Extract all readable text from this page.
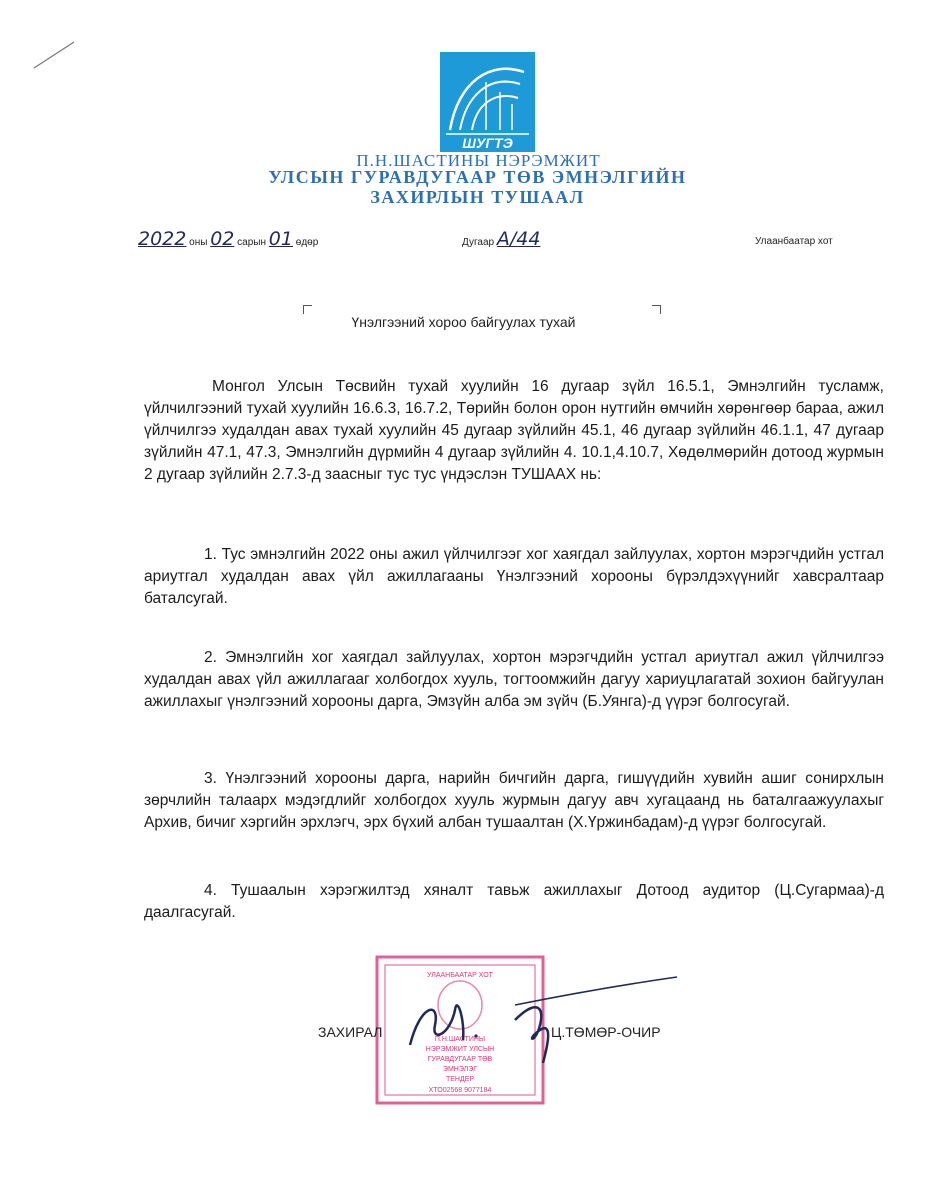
ШУГТЭ
П.Н.ШАСТИНЫ НЭРЭМЖИТ
УЛСЫН ГУРАВДУГААР ТӨВ ЭМНЭЛГИЙН
ЗАХИРЛЫН ТУШААЛ
2022 оны 02 сарын 01 өдөр	Дугаар А/44	Улаанбаатар хот
Үнэлгээний хороо байгуулах тухай
Монгол Улсын Төсвийн тухай хуулийн 16 дугаар зүйл 16.5.1, Эмнэлгийн тусламж, үйлчилгээний тухай хуулийн 16.6.3, 16.7.2, Төрийн болон орон нутгийн өмчийн хөрөнгөөр бараа, ажил үйлчилгээ худалдан авах тухай хуулийн 45 дугаар зүйлийн 45.1, 46 дугаар зүйлийн 46.1.1, 47 дугаар зүйлийн 47.1, 47.3, Эмнэлгийн дүрмийн 4 дугаар зүйлийн 4. 10.1,4.10.7, Хөдөлмөрийн дотоод журмын 2 дугаар зүйлийн 2.7.3-д заасныг тус тус үндэслэн ТУШААХ нь:
1. Тус эмнэлгийн 2022 оны ажил үйлчилгээг хог хаягдал зайлуулах, хортон мэрэгчдийн устгал ариутгал худалдан авах үйл ажиллагааны Үнэлгээний хорооны бүрэлдэхүүнийг хавсралтаар баталсугай.
2. Эмнэлгийн хог хаягдал зайлуулах, хортон мэрэгчдийн устгал ариутгал ажил үйлчилгээ худалдан авах үйл ажиллагааг холбогдох хууль, тогтоомжийн дагуу хариуцлагатай зохион байгуулан ажиллахыг үнэлгээний хорооны дарга, Эмзүйн алба эм зүйч (Б.Уянга)-д үүрэг болгосугай.
3. Үнэлгээний хорооны дарга, нарийн бичгийн дарга, гишүүдийн хувийн ашиг сонирхлын зөрчлийн талаарх мэдэгдлийг холбогдох хууль журмын дагуу авч хугацаанд нь баталгаажуулахыг Архив, бичиг хэргийн эрхлэгч, эрх бүхий албан тушаалтан (Х.Үржинбадам)-д үүрэг болгосугай.
4. Тушаалын хэрэгжилтэд хяналт тавьж ажиллахыг Дотоод аудитор (Ц.Сугармаа)-д даалгасугай.
УЛААНБААТАР ХОТ
П.Н.ШАСТИНЫ
НЭРЭМЖИТ УЛСЫН
ГУРАВДУГААР ТӨВ
ЭМНЭЛЭГ
ТЕНДЕР
ХТО02568 9077184
ЗАХИРАЛ	Ц.ТӨМӨР-ОЧИР
